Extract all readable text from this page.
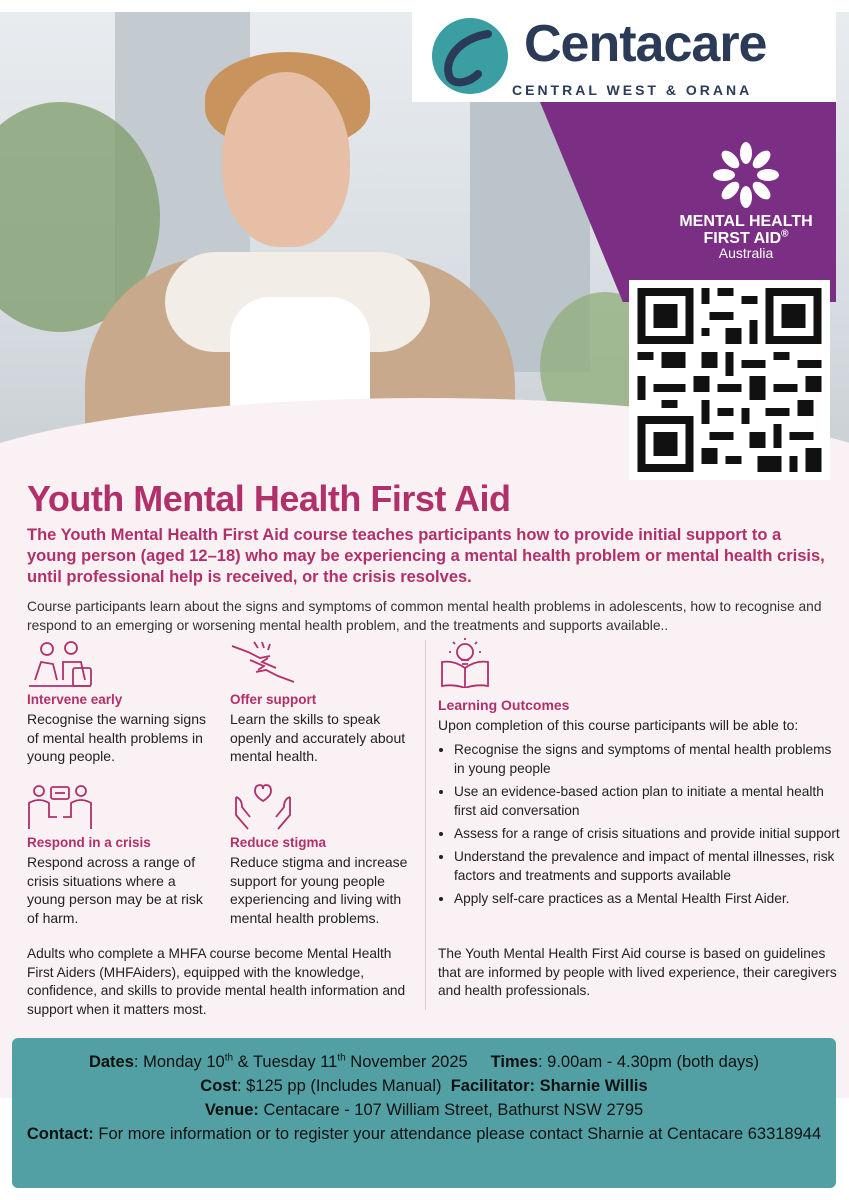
Centacare
CENTRAL WEST & ORANA
MENTAL HEALTH
FIRST AID®
Australia
Youth Mental Health First Aid
The Youth Mental Health First Aid course teaches participants how to provide initial support to a young person (aged 12–18) who may be experiencing a mental health problem or mental health crisis, until professional help is received, or the crisis resolves.
Course participants learn about the signs and symptoms of common mental health problems in adolescents, how to recognise and respond to an emerging or worsening mental health problem, and the treatments and supports available..
Intervene early
Recognise the warning signs of mental health problems in young people.
Offer support
Learn the skills to speak openly and accurately about mental health.
Respond in a crisis
Respond across a range of crisis situations where a young person may be at risk of harm.
Reduce stigma
Reduce stigma and increase support for young people experiencing and living with mental health problems.
Learning Outcomes
Upon completion of this course participants will be able to:
• Recognise the signs and symptoms of mental health problems in young people
• Use an evidence-based action plan to initiate a mental health first aid conversation
• Assess for a range of crisis situations and provide initial support
• Understand the prevalence and impact of mental illnesses, risk factors and treatments and supports available
• Apply self-care practices as a Mental Health First Aider.
Adults who complete a MHFA course become Mental Health First Aiders (MHFAiders), equipped with the knowledge, confidence, and skills to provide mental health information and support when it matters most.
The Youth Mental Health First Aid course is based on guidelines that are informed by people with lived experience, their caregivers and health professionals.
Dates: Monday 10th & Tuesday 11th November 2025 Times: 9.00am - 4.30pm (both days)
Cost: $125 pp (Includes Manual) Facilitator: Sharnie Willis
Venue: Centacare - 107 William Street, Bathurst NSW 2795
Contact: For more information or to register your attendance please contact Sharnie at Centacare 63318944
